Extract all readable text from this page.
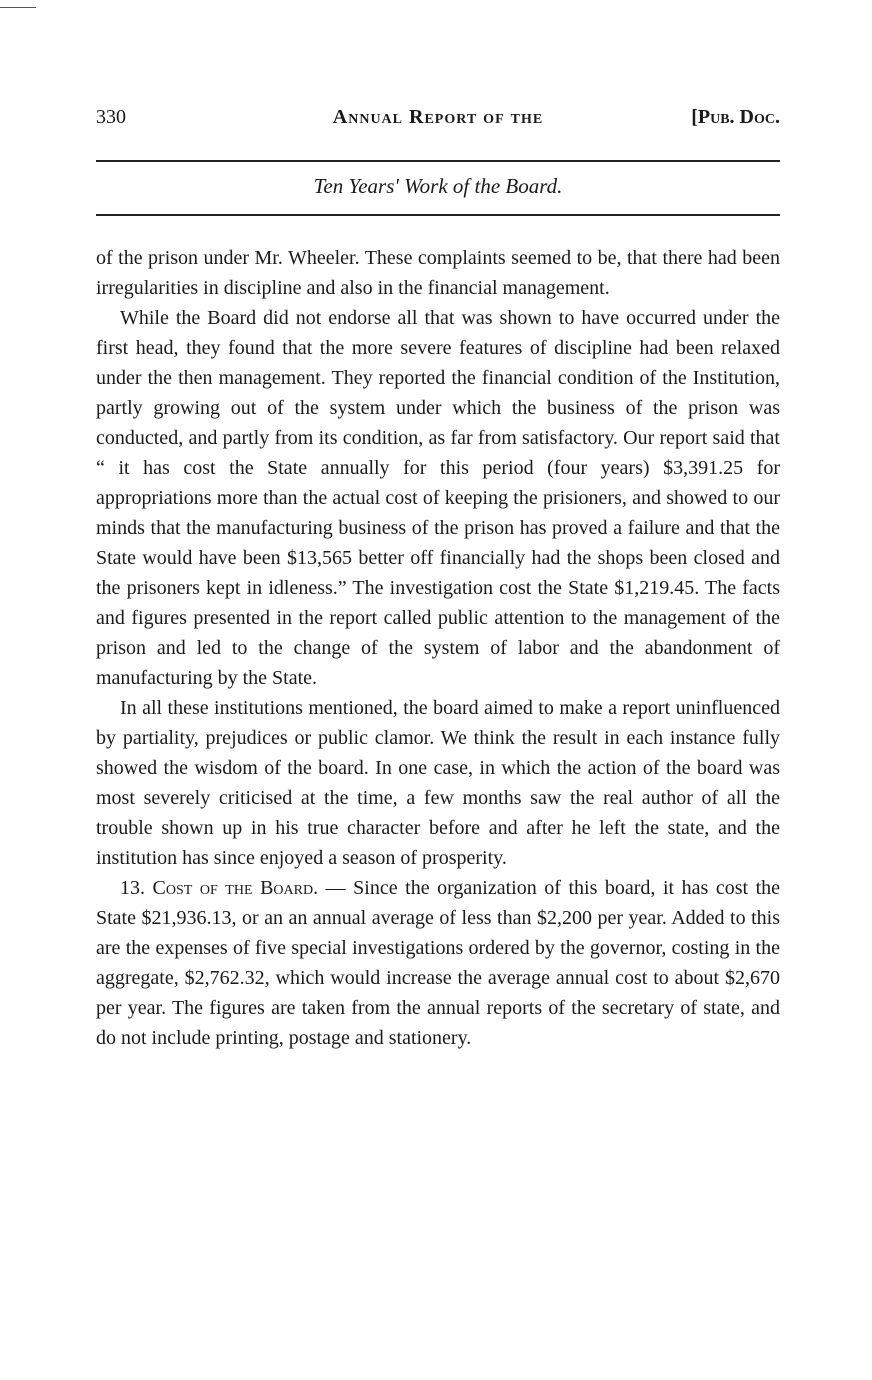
330	Annual Report of the	[Pub. Doc.
Ten Years' Work of the Board.

of the prison under Mr. Wheeler. These complaints seemed to be, that there had been irregularities in discipline and also in the financial management.

While the Board did not endorse all that was shown to have occurred under the first head, they found that the more severe features of discipline had been relaxed under the then management. They reported the financial condition of the Institution, partly growing out of the system under which the business of the prison was conducted, and partly from its condition, as far from satisfactory. Our report said that “ it has cost the State annually for this period (four years) $3,391.25 for appropriations more than the actual cost of keeping the prisioners, and showed to our minds that the manufacturing business of the prison has proved a failure and that the State would have been $13,565 better off financially had the shops been closed and the prisoners kept in idleness.” The investigation cost the State $1,219.45. The facts and figures presented in the report called public attention to the management of the prison and led to the change of the system of labor and the abandonment of manufacturing by the State.

In all these institutions mentioned, the board aimed to make a report uninfluenced by partiality, prejudices or public clamor. We think the result in each instance fully showed the wisdom of the board. In one case, in which the action of the board was most severely criticised at the time, a few months saw the real author of all the trouble shown up in his true character before and after he left the state, and the institution has since enjoyed a season of prosperity.

13. Cost of the Board. — Since the organization of this board, it has cost the State $21,936.13, or an an annual average of less than $2,200 per year. Added to this are the expenses of five special investigations ordered by the governor, costing in the aggregate, $2,762.32, which would increase the average annual cost to about $2,670 per year. The figures are taken from the annual reports of the secretary of state, and do not include printing, postage and stationery.
